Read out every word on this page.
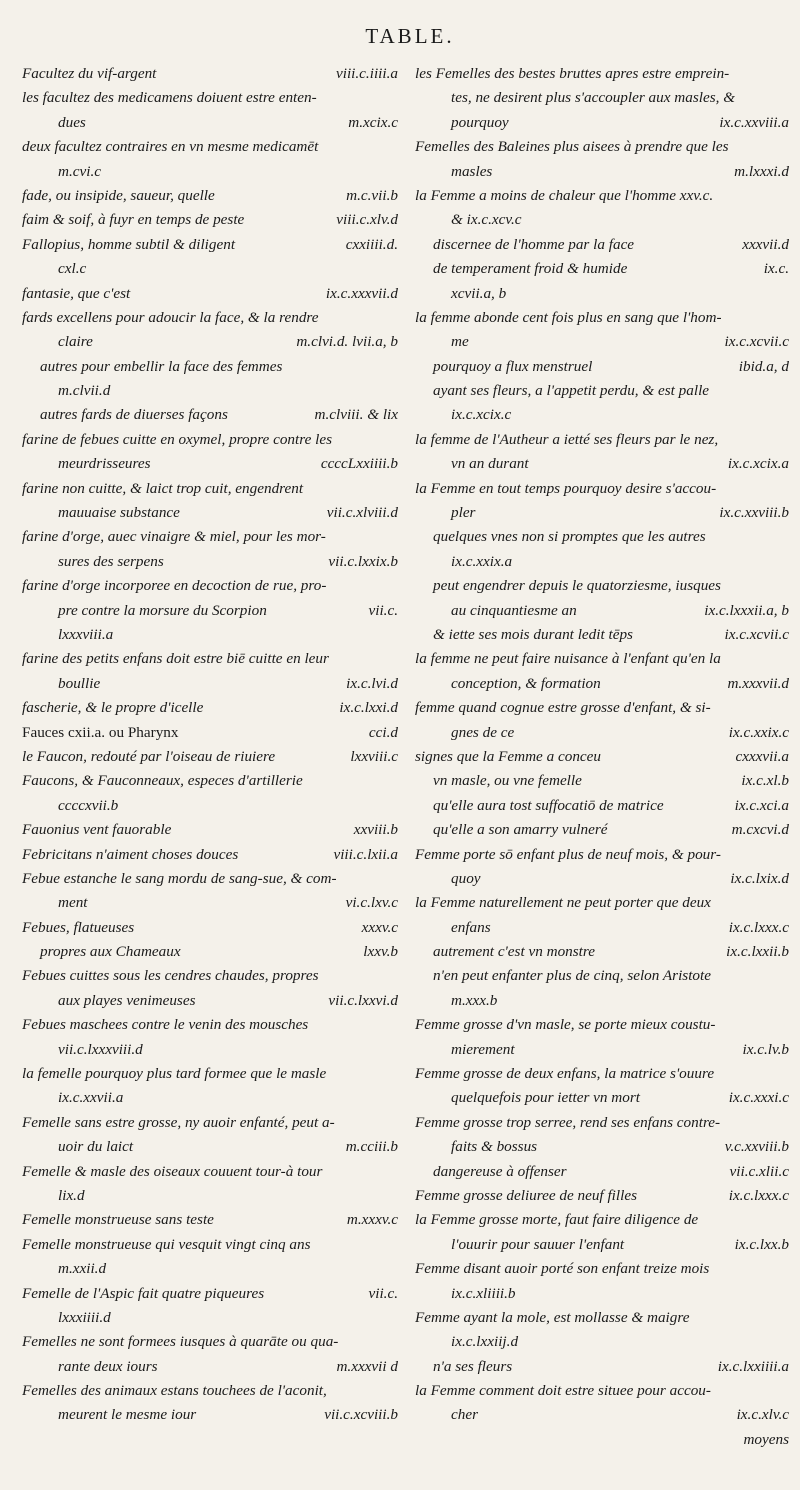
TABLE.
Facultez du vif-argent	viii.c.iiii.a
les facultez des medicamens doiuent estre enten-
dues	m.xcix.c
deux facultez contraires en vn mesme medicamēt
m.cvi.c
fade, ou insipide, saueur, quelle	m.c.vii.b
faim & soif, à fuyr en temps de peste	viii.c.xlv.d
Fallopius, homme subtil & diligent	cxxiiii.d.
cxl.c
fantasie, que c'est	ix.c.xxxvii.d
fards excellens pour adoucir la face, & la rendre
claire	m.clvi.d. lvii.a, b
autres pour embellir la face des femmes
m.clvii.d
autres fards de diuerses façons	m.clviii. & lix
farine de febues cuitte en oxymel, propre contre les
meurdrisseures	ccccLxxiiii.b
farine non cuitte, & laict trop cuit, engendrent
mauuaise substance	vii.c.xlviii.d
farine d'orge, auec vinaigre & miel, pour les mor-
sures des serpens	vii.c.lxxix.b
farine d'orge incorporee en decoction de rue, pro-
pre contre la morsure du Scorpion	vii.c.
lxxxviii.a
farine des petits enfans doit estre biē cuitte en leur
boullie	ix.c.lvi.d
fascherie, & le propre d'icelle	ix.c.lxxi.d
Fauces cxii.a. ou Pharynx	cci.d
le Faucon, redouté par l'oiseau de riuiere	lxxviii.c
Faucons, & Fauconneaux, especes d'artillerie
ccccxvii.b
Fauonius vent fauorable	xxviii.b
Febricitans n'aiment choses douces	viii.c.lxii.a
Febue estanche le sang mordu de sang-sue, & com-
ment	vi.c.lxv.c
Febues, flatueuses	xxxv.c
propres aux Chameaux	lxxv.b
Febues cuittes sous les cendres chaudes, propres
aux playes venimeuses	vii.c.lxxvi.d
Febues maschees contre le venin des mousches
vii.c.lxxxviii.d
la femelle pourquoy plus tard formee que le masle
ix.c.xxvii.a
Femelle sans estre grosse, ny auoir enfanté, peut a-
uoir du laict	m.cciii.b
Femelle & masle des oiseaux couuent tour-à tour
lix.d
Femelle monstrueuse sans teste	m.xxxv.c
Femelle monstrueuse qui vesquit vingt cinq ans
m.xxii.d
Femelle de l'Aspic fait quatre piqueures	vii.c.
lxxxiiii.d
Femelles ne sont formees iusques à quarāte ou qua-
rante deux iours	m.xxxvii d
Femelles des animaux estans touchees de l'aconit,
meurent le mesme iour	vii.c.xcviii.b
les Femelles des bestes bruttes apres estre emprein-
tes, ne desirent plus s'accoupler aux masles, &
pourquoy	ix.c.xxviii.a
Femelles des Baleines plus aisees à prendre que les
masles	m.lxxxi.d
la Femme a moins de chaleur que l'homme xxv.c.
& ix.c.xcv.c
discernee de l'homme par la face	xxxvii.d
de temperament froid & humide	ix.c.
xcvii.a, b
la femme abonde cent fois plus en sang que l'hom-
me	ix.c.xcvii.c
pourquoy a flux menstruel	ibid.a, d
ayant ses fleurs, a l'appetit perdu, & est palle
ix.c.xcix.c
la femme de l'Autheur a ietté ses fleurs par le nez,
vn an durant	ix.c.xcix.a
la Femme en tout temps pourquoy desire s'accou-
pler	ix.c.xxviii.b
quelques vnes non si promptes que les autres
ix.c.xxix.a
peut engendrer depuis le quatorziesme, iusques
au cinquantiesme an	ix.c.lxxxii.a, b
& iette ses mois durant ledit tēps	ix.c.xcvii.c
la femme ne peut faire nuisance à l'enfant qu'en la
conception, & formation	m.xxxvii.d
femme quand cognue estre grosse d'enfant, & si-
gnes de ce	ix.c.xxix.c
signes que la Femme a conceu	cxxxvii.a
vn masle, ou vne femelle	ix.c.xl.b
qu'elle aura tost suffocatiō de matrice	ix.c.xci.a
qu'elle a son amarry vulneré	m.cxcvi.d
Femme porte sō enfant plus de neuf mois, & pour-
quoy	ix.c.lxix.d
la Femme naturellement ne peut porter que deux
enfans	ix.c.lxxx.c
autrement c'est vn monstre	ix.c.lxxii.b
n'en peut enfanter plus de cinq, selon Aristote
m.xxx.b
Femme grosse d'vn masle, se porte mieux coustu-
mierement	ix.c.lv.b
Femme grosse de deux enfans, la matrice s'ouure
quelquefois pour ietter vn mort	ix.c.xxxi.c
Femme grosse trop serree, rend ses enfans contre-
faits & bossus	v.c.xxviii.b
dangereuse à offenser	vii.c.xlii.c
Femme grosse deliuree de neuf filles	ix.c.lxxx.c
la Femme grosse morte, faut faire diligence de
l'ouurir pour sauuer l'enfant	ix.c.lxx.b
Femme disant auoir porté son enfant treize mois
ix.c.xliiii.b
Femme ayant la mole, est mollasse & maigre
ix.c.lxxiij.d
n'a ses fleurs	ix.c.lxxiiii.a
la Femme comment doit estre situee pour accou-
cher	ix.c.xlv.c
moyens
